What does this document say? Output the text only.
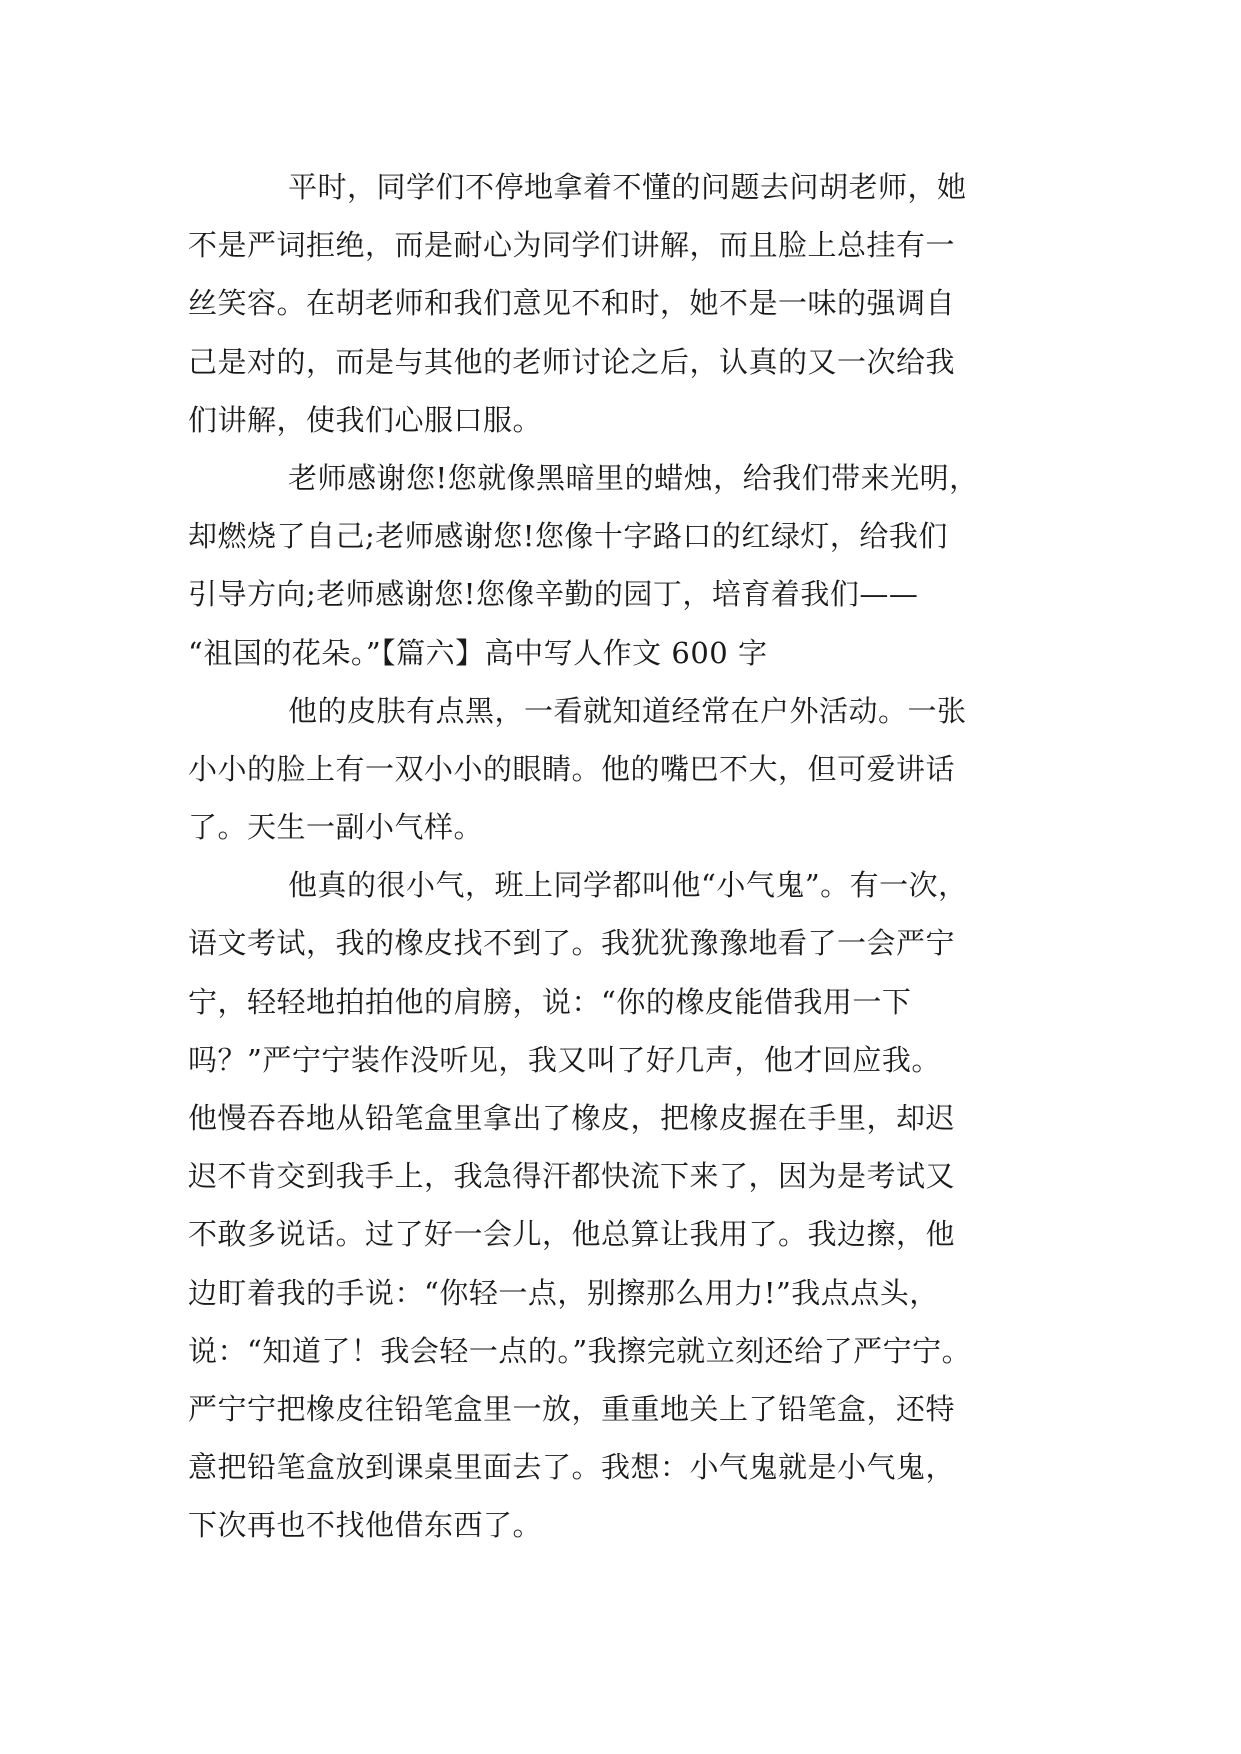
平时，同学们不停地拿着不懂的问题去问胡老师，她
不是严词拒绝，而是耐心为同学们讲解，而且脸上总挂有一
丝笑容。在胡老师和我们意见不和时，她不是一味的强调自
己是对的，而是与其他的老师讨论之后，认真的又一次给我
们讲解，使我们心服口服。
老师感谢您!您就像黑暗里的蜡烛，给我们带来光明，
却燃烧了自己;老师感谢您!您像十字路口的红绿灯，给我们
引导方向;老师感谢您!您像辛勤的园丁，培育着我们——
“祖国的花朵。”【篇六】高中写人作文 600 字
他的皮肤有点黑，一看就知道经常在户外活动。一张
小小的脸上有一双小小的眼睛。他的嘴巴不大，但可爱讲话
了。天生一副小气样。
他真的很小气，班上同学都叫他“小气鬼”。有一次，
语文考试，我的橡皮找不到了。我犹犹豫豫地看了一会严宁
宁，轻轻地拍拍他的肩膀，说：“你的橡皮能借我用一下
吗？”严宁宁装作没听见，我又叫了好几声，他才回应我。
他慢吞吞地从铅笔盒里拿出了橡皮，把橡皮握在手里，却迟
迟不肯交到我手上，我急得汗都快流下来了，因为是考试又
不敢多说话。过了好一会儿，他总算让我用了。我边擦，他
边盯着我的手说：“你轻一点，别擦那么用力!”我点点头，
说：“知道了！我会轻一点的。”我擦完就立刻还给了严宁宁。
严宁宁把橡皮往铅笔盒里一放，重重地关上了铅笔盒，还特
意把铅笔盒放到课桌里面去了。我想：小气鬼就是小气鬼，
下次再也不找他借东西了。
